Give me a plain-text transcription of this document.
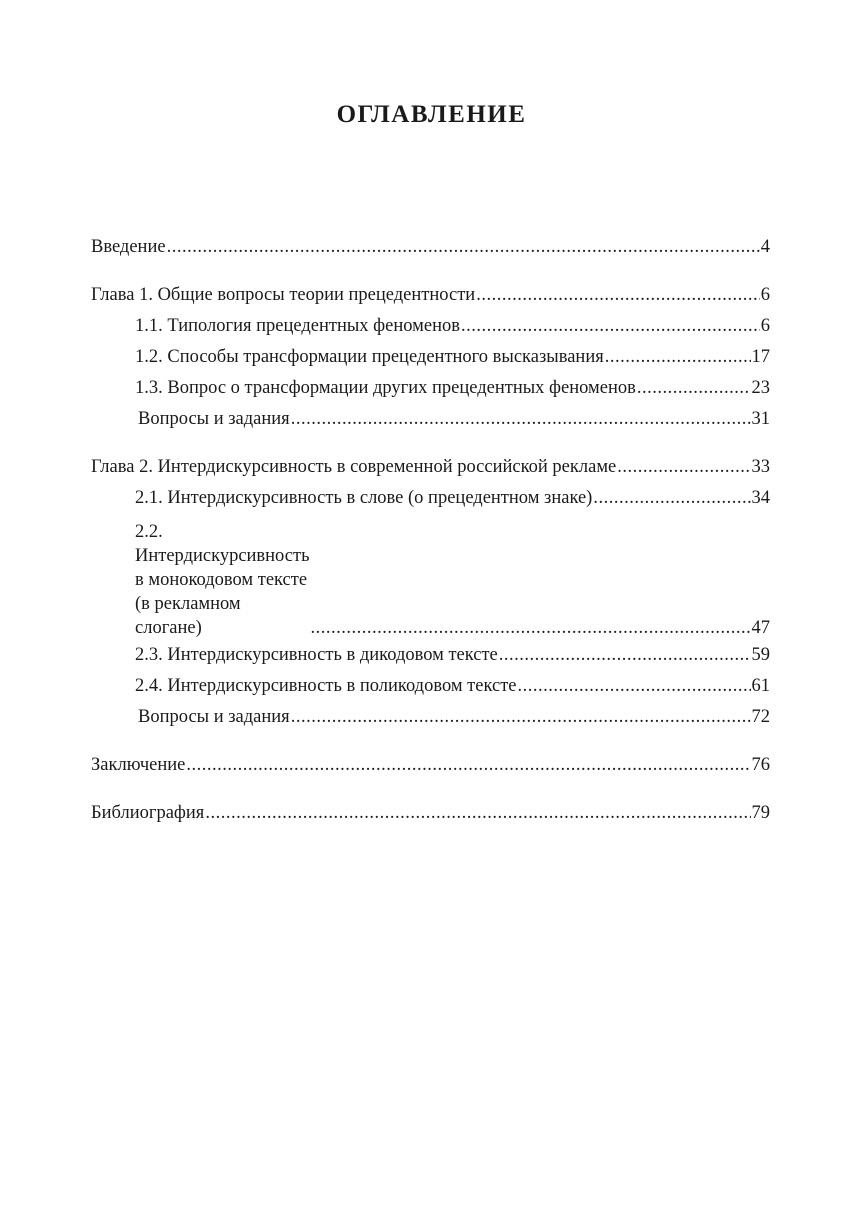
ОГЛАВЛЕНИЕ
Введение .....	4
Глава 1. Общие вопросы теории прецедентности .....	6
1.1. Типология прецедентных феноменов .....	6
1.2. Способы трансформации прецедентного высказывания .....	17
1.3. Вопрос о трансформации других прецедентных феноменов .....	23
Вопросы и задания .....	31
Глава 2. Интердискурсивность в современной российской рекламе .....	33
2.1. Интердискурсивность в слове (о прецедентном знаке) .....	34
2.2. Интердискурсивность в монокодовом тексте
(в рекламном слогане) .....	47
2.3. Интердискурсивность в дикодовом тексте .....	59
2.4. Интердискурсивность в поликодовом тексте .....	61
Вопросы и задания .....	72
Заключение .....	76
Библиография .....	79
